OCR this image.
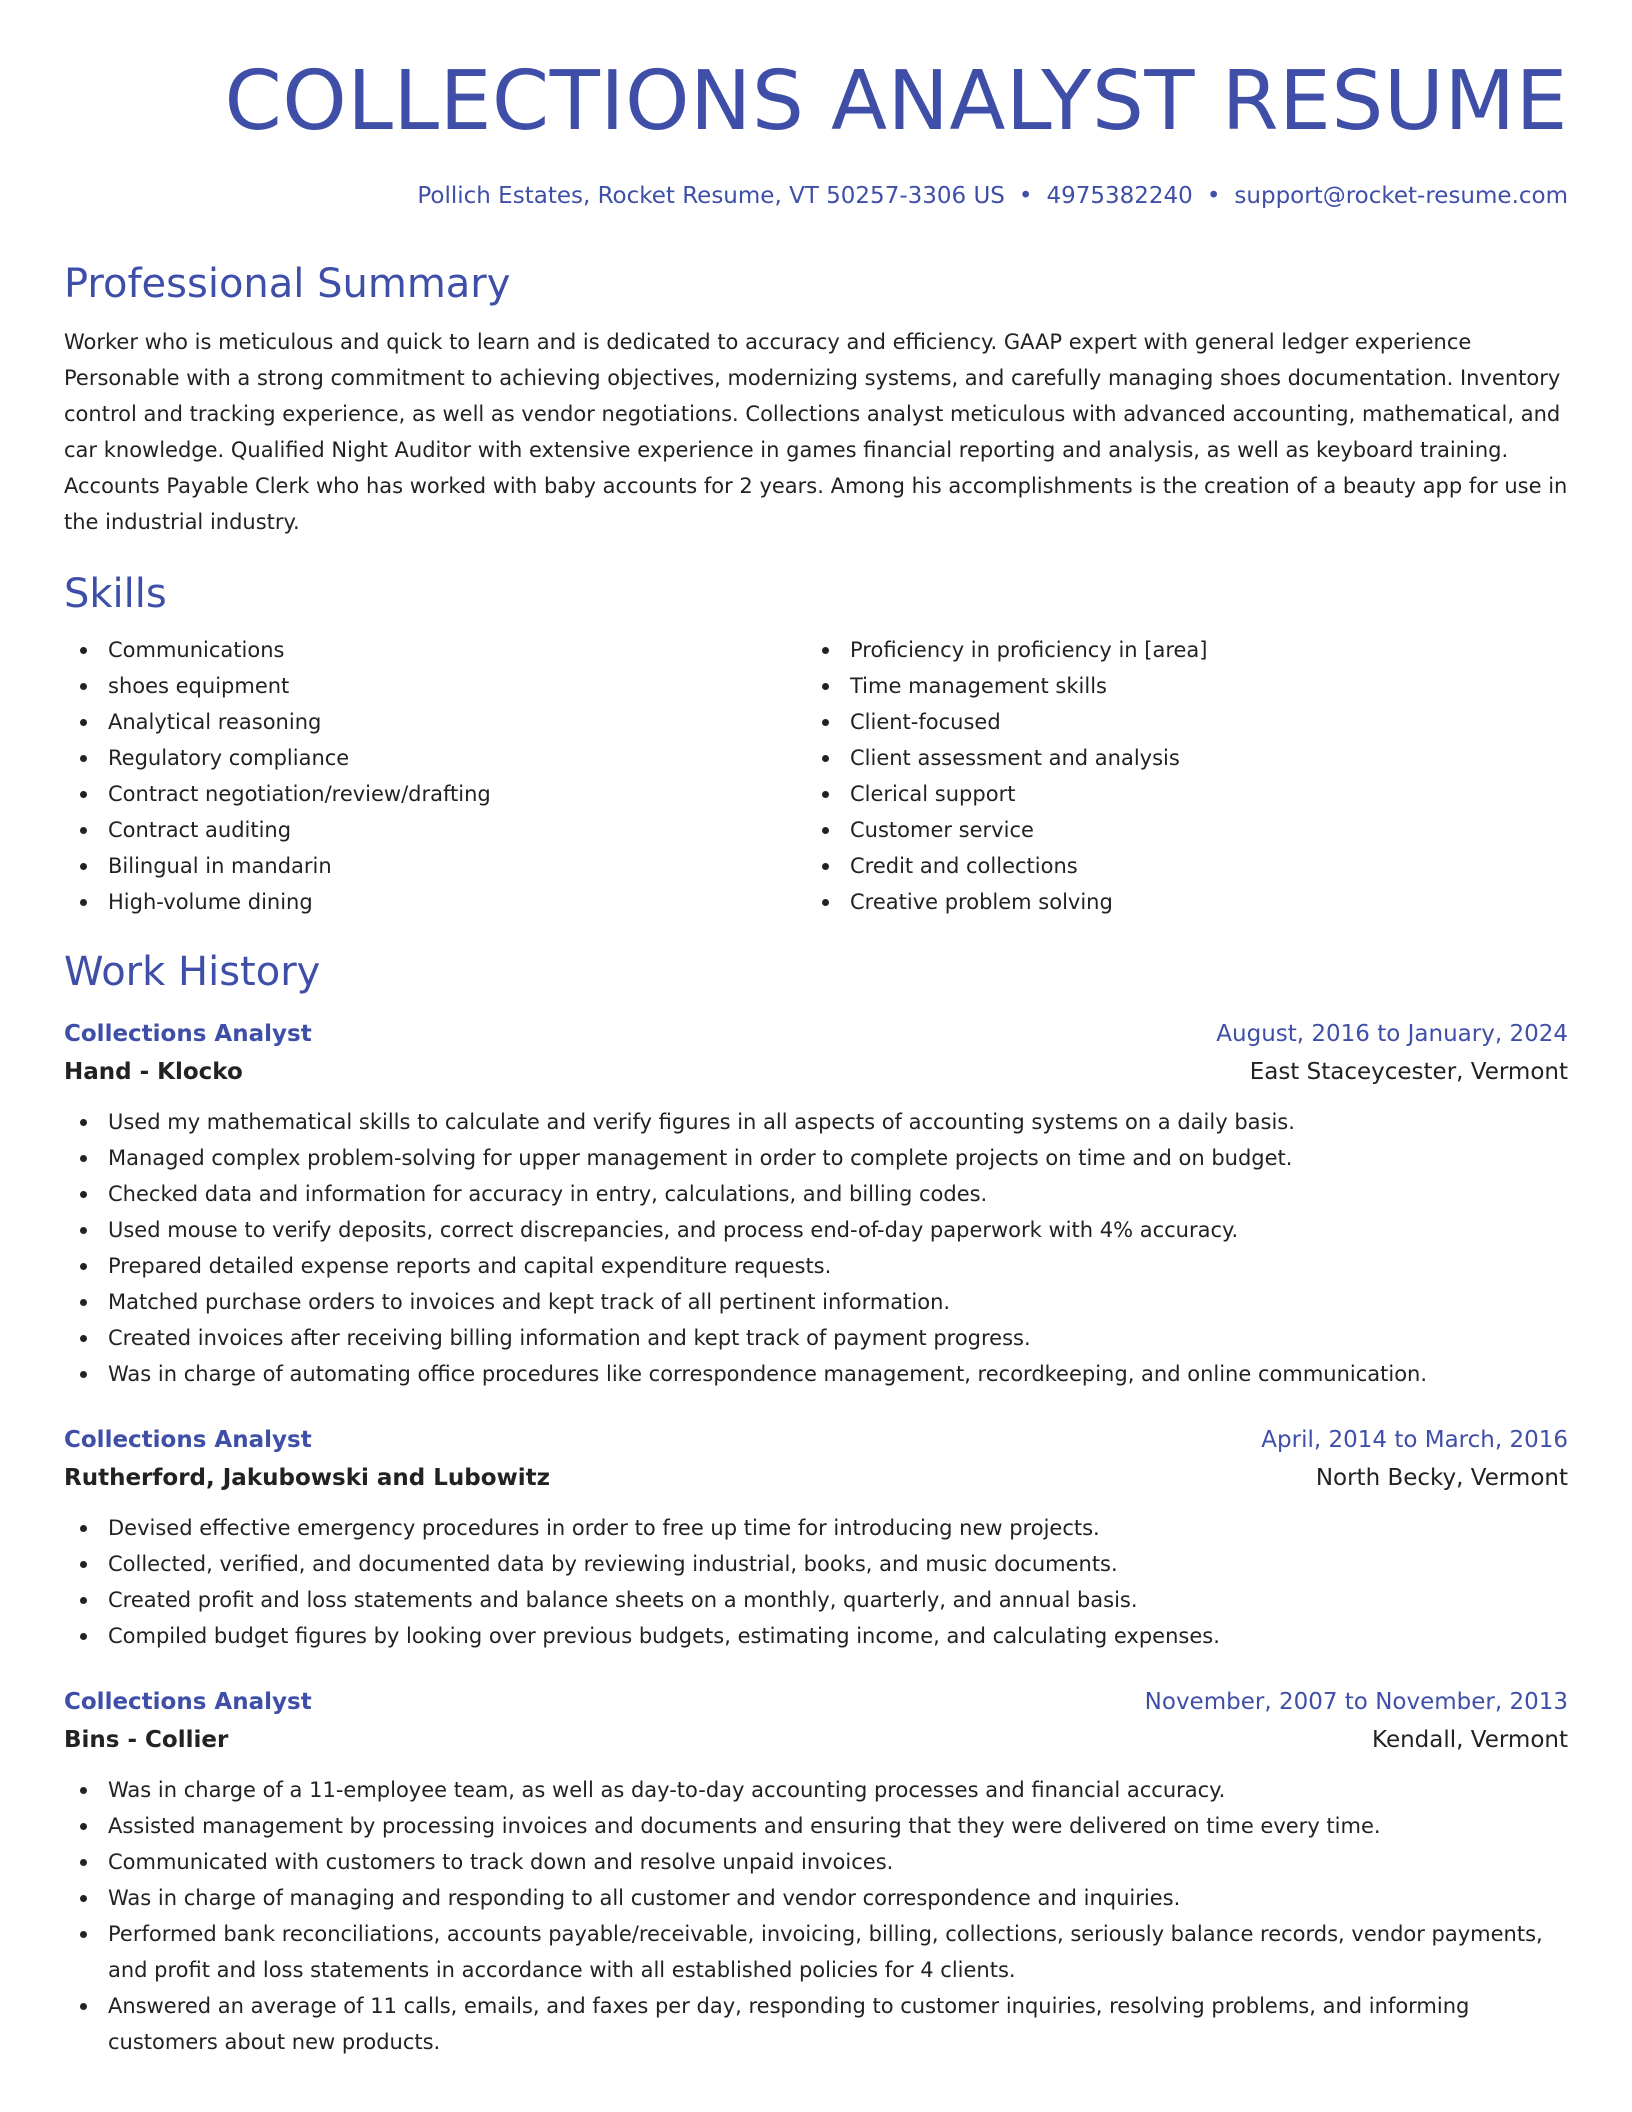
COLLECTIONS ANALYST RESUME
Pollich Estates, Rocket Resume, VT 50257-3306 US • 4975382240 • support@rocket-resume.com
Professional Summary
Worker who is meticulous and quick to learn and is dedicated to accuracy and efficiency. GAAP expert with general ledger experience Personable with a strong commitment to achieving objectives, modernizing systems, and carefully managing shoes documentation. Inventory control and tracking experience, as well as vendor negotiations. Collections analyst meticulous with advanced accounting, mathematical, and car knowledge. Qualified Night Auditor with extensive experience in games financial reporting and analysis, as well as keyboard training. Accounts Payable Clerk who has worked with baby accounts for 2 years. Among his accomplishments is the creation of a beauty app for use in the industrial industry.
Skills
Communications
shoes equipment
Analytical reasoning
Regulatory compliance
Contract negotiation/review/drafting
Contract auditing
Bilingual in mandarin
High-volume dining
Proficiency in proficiency in [area]
Time management skills
Client-focused
Client assessment and analysis
Clerical support
Customer service
Credit and collections
Creative problem solving
Work History
Collections Analyst	August, 2016 to January, 2024
Hand - Klocko	East Staceycester, Vermont
Used my mathematical skills to calculate and verify figures in all aspects of accounting systems on a daily basis.
Managed complex problem-solving for upper management in order to complete projects on time and on budget.
Checked data and information for accuracy in entry, calculations, and billing codes.
Used mouse to verify deposits, correct discrepancies, and process end-of-day paperwork with 4% accuracy.
Prepared detailed expense reports and capital expenditure requests.
Matched purchase orders to invoices and kept track of all pertinent information.
Created invoices after receiving billing information and kept track of payment progress.
Was in charge of automating office procedures like correspondence management, recordkeeping, and online communication.
Collections Analyst	April, 2014 to March, 2016
Rutherford, Jakubowski and Lubowitz	North Becky, Vermont
Devised effective emergency procedures in order to free up time for introducing new projects.
Collected, verified, and documented data by reviewing industrial, books, and music documents.
Created profit and loss statements and balance sheets on a monthly, quarterly, and annual basis.
Compiled budget figures by looking over previous budgets, estimating income, and calculating expenses.
Collections Analyst	November, 2007 to November, 2013
Bins - Collier	Kendall, Vermont
Was in charge of a 11-employee team, as well as day-to-day accounting processes and financial accuracy.
Assisted management by processing invoices and documents and ensuring that they were delivered on time every time.
Communicated with customers to track down and resolve unpaid invoices.
Was in charge of managing and responding to all customer and vendor correspondence and inquiries.
Performed bank reconciliations, accounts payable/receivable, invoicing, billing, collections, seriously balance records, vendor payments, and profit and loss statements in accordance with all established policies for 4 clients.
Answered an average of 11 calls, emails, and faxes per day, responding to customer inquiries, resolving problems, and informing customers about new products.
